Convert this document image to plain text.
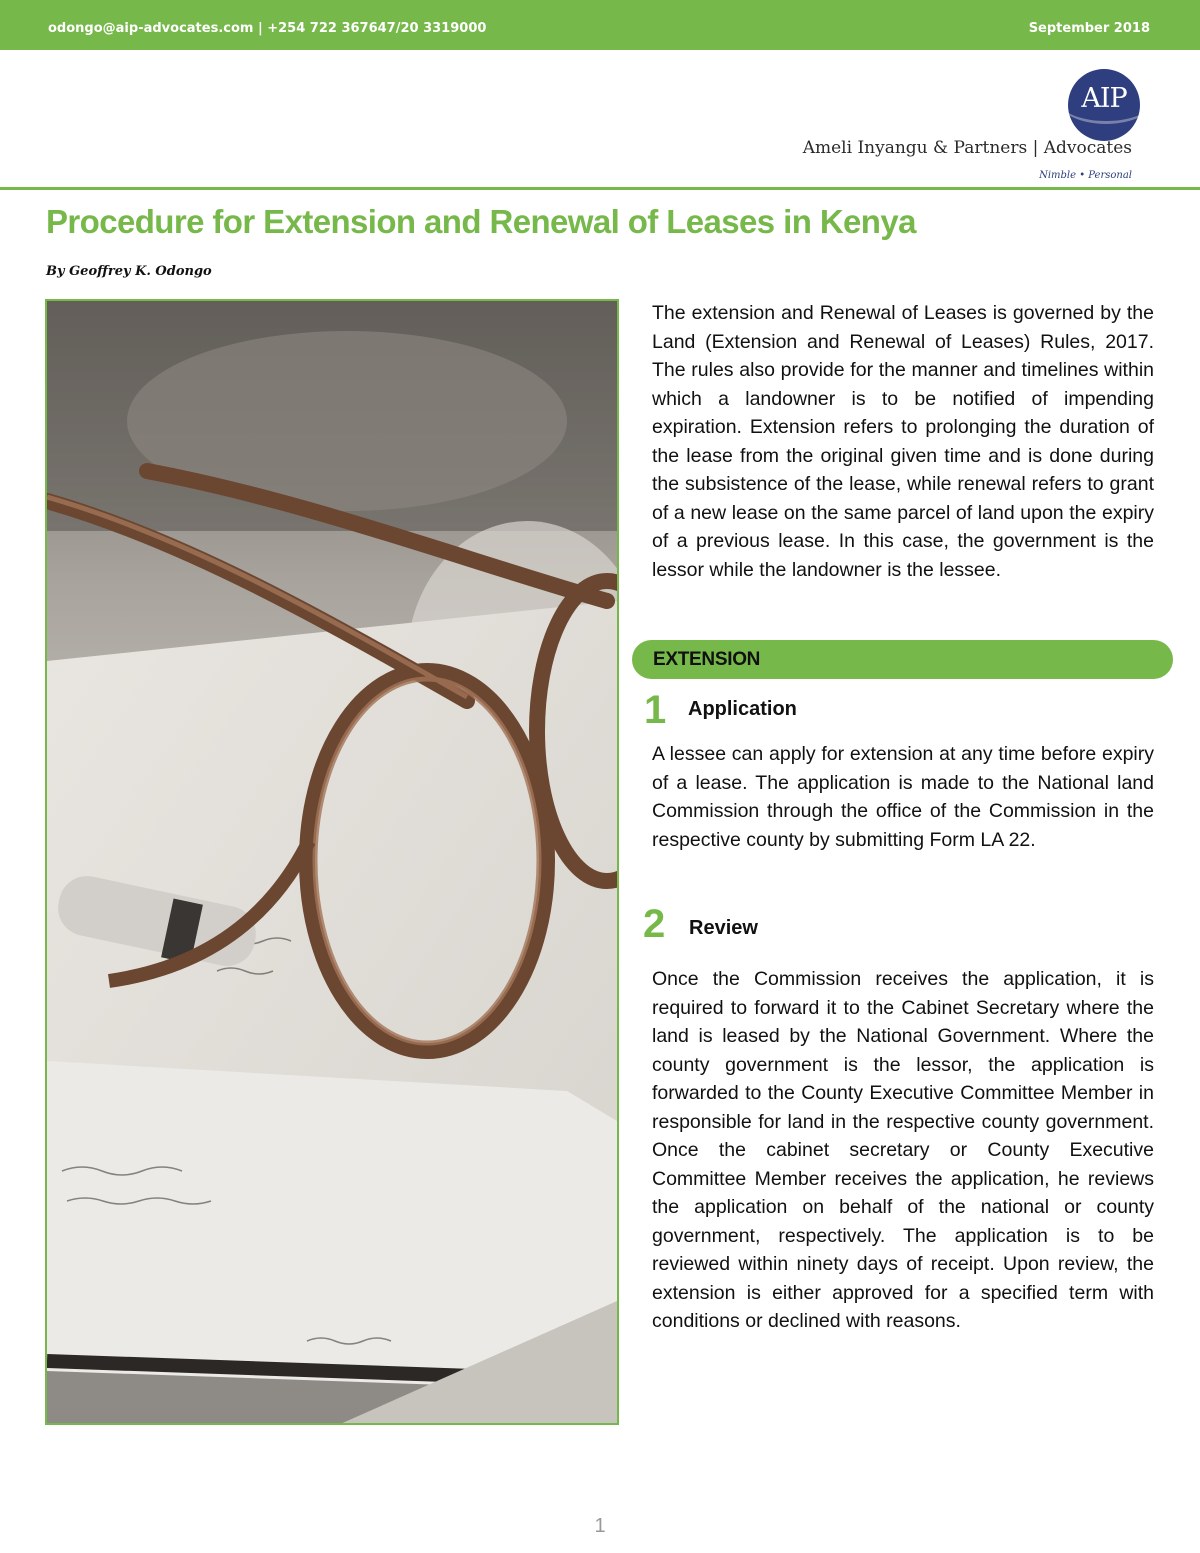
odongo@aip-advocates.com | +254 722 367647/20 3319000	September 2018
AIP
Ameli Inyangu & Partners | Advocates
Nimble • Personal
Procedure for Extension and Renewal of Leases in Kenya
By Geoffrey K. Odongo

The extension and Renewal of Leases is governed by the Land (Extension and Renewal of Leases) Rules, 2017. The rules also provide for the manner and timelines within which a landowner is to be notified of impending expiration. Extension refers to prolonging the duration of the lease from the original given time and is done during the subsistence of the lease, while renewal refers to grant of a new lease on the same parcel of land upon the expiry of a previous lease. In this case, the government is the lessor while the landowner is the lessee.

EXTENSION
1 Application

A lessee can apply for extension at any time before expiry of a lease. The application is made to the National land Commission through the office of the Commission in the respective county by submitting Form LA 22.

2 Review

Once the Commission receives the application, it is required to forward it to the Cabinet Secretary where the land is leased by the National Government. Where the county government is the lessor, the application is forwarded to the County Executive Committee Member in responsible for land in the respective county government. Once the cabinet secretary or County Executive Committee Member receives the application, he reviews the application on behalf of the national or county government, respectively. The application is to be reviewed within ninety days of receipt. Upon review, the extension is either approved for a specified term with conditions or declined with reasons.

1
